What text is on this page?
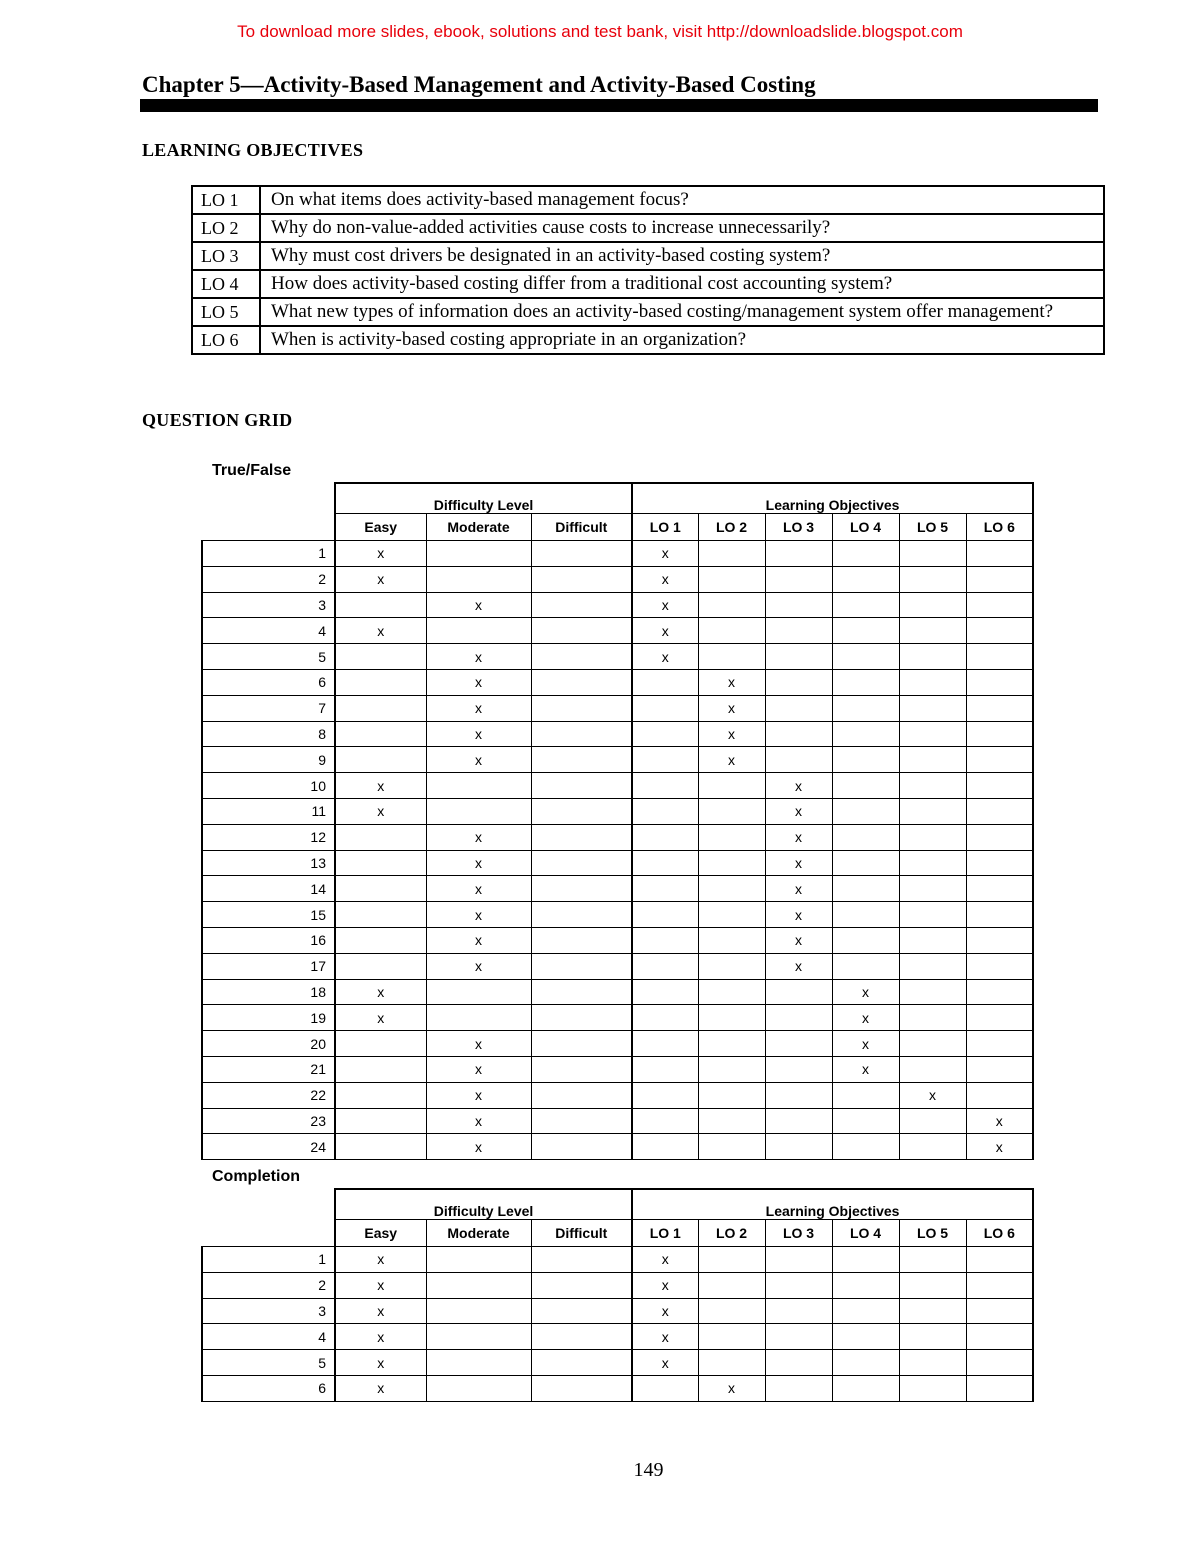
To download more slides, ebook, solutions and test bank, visit http://downloadslide.blogspot.com
Chapter 5—Activity-Based Management and Activity-Based Costing
LEARNING OBJECTIVES
LO 1	On what items does activity-based management focus?
LO 2	Why do non-value-added activities cause costs to increase unnecessarily?
LO 3	Why must cost drivers be designated in an activity-based costing system?
LO 4	How does activity-based costing differ from a traditional cost accounting system?
LO 5	What new types of information does an activity-based costing/management system offer management?
LO 6	When is activity-based costing appropriate in an organization?
QUESTION GRID
True/False
	Difficulty Level			Learning Objectives					
	Easy	Moderate	Difficult	LO 1	LO 2	LO 3	LO 4	LO 5	LO 6
1	x			x					
2	x			x					
3		x		x					
4	x			x					
5		x		x					
6		x			x				
7		x			x				
8		x			x				
9		x			x				
10	x					x			
11	x					x			
12		x				x			
13		x				x			
14		x				x			
15		x				x			
16		x				x			
17		x				x			
18	x						x		
19	x						x		
20		x					x		
21		x					x		
22		x						x	
23		x							x
24		x							x
Completion
	Difficulty Level			Learning Objectives					
	Easy	Moderate	Difficult	LO 1	LO 2	LO 3	LO 4	LO 5	LO 6
1	x			x					
2	x			x					
3	x			x					
4	x			x					
5	x			x					
6	x				x				
149
